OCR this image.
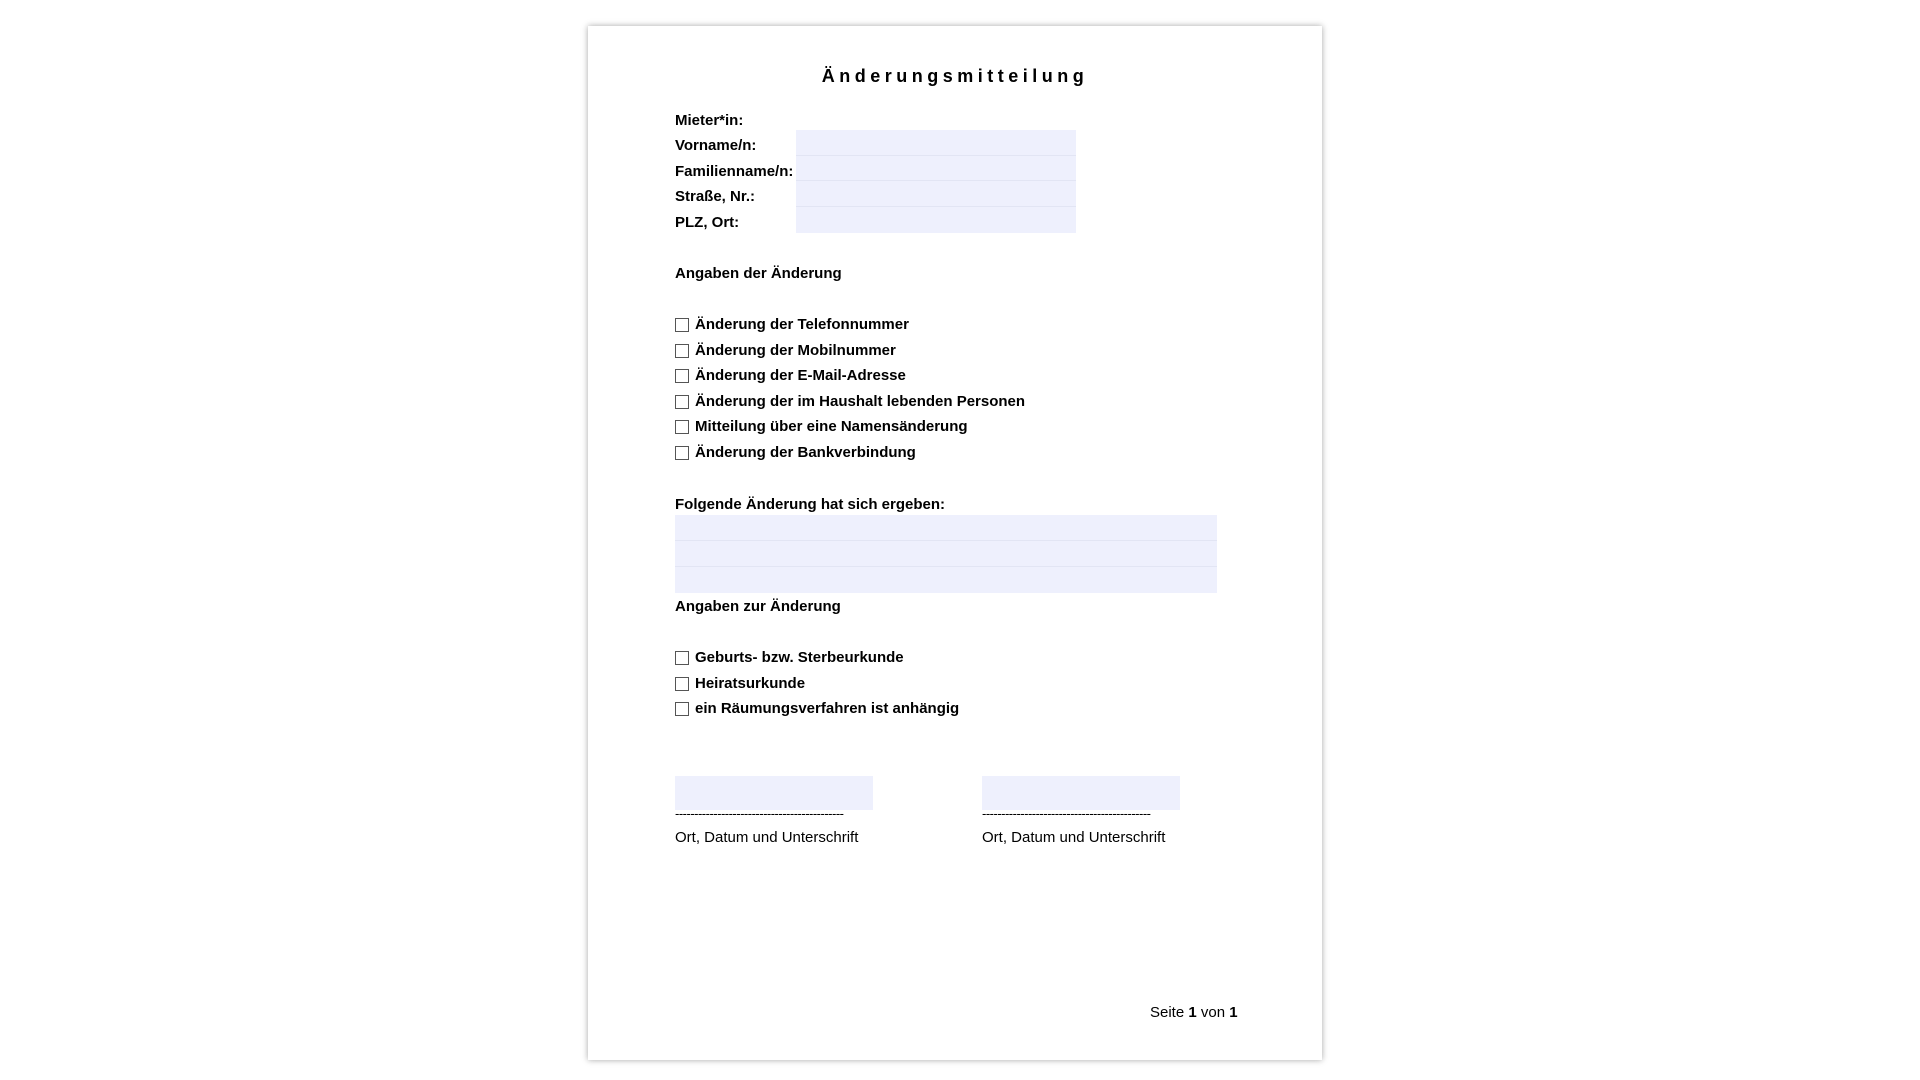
Änderungsmitteilung
Mieter*in:
Vorname/n:
Familienname/n:
Straße, Nr.:
PLZ, Ort:
Angaben der Änderung
Änderung der Telefonnummer
Änderung der Mobilnummer
Änderung der E-Mail-Adresse
Änderung der im Haushalt lebenden Personen
Mitteilung über eine Namensänderung
Änderung der Bankverbindung
Folgende Änderung hat sich ergeben:
Angaben zur Änderung
Geburts- bzw. Sterbeurkunde
Heiratsurkunde
ein Räumungsverfahren ist anhängig
--------------------------------------------
Ort, Datum und Unterschrift
--------------------------------------------
Ort, Datum und Unterschrift
Seite 1 von 1
